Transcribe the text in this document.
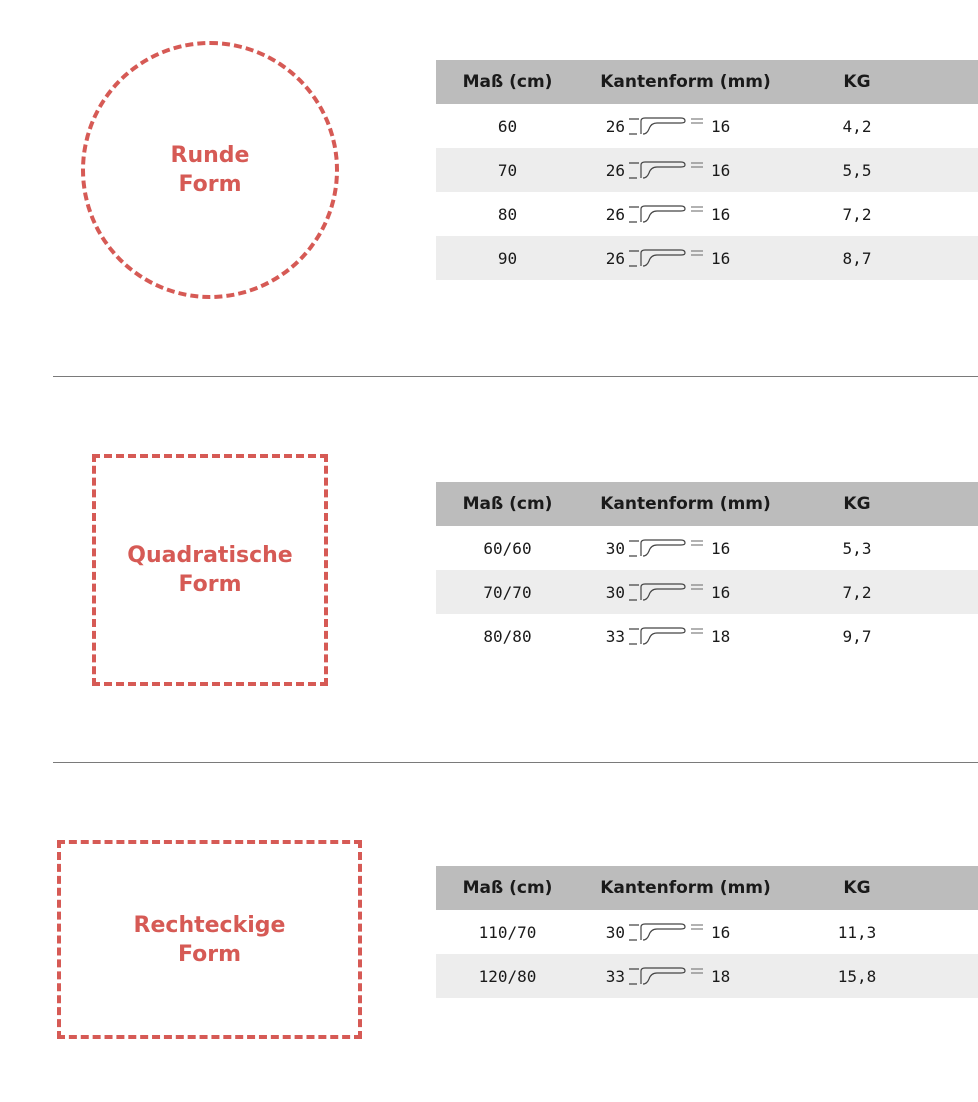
Runde
Form
Maß (cm)	Kantenform (mm)	KG
60	26	16	4,2
70	26	16	5,5
80	26	16	7,2
90	26	16	8,7
Quadratische
Form
Maß (cm)	Kantenform (mm)	KG
60/60	30	16	5,3
70/70	30	16	7,2
80/80	33	18	9,7
Rechteckige
Form
Maß (cm)	Kantenform (mm)	KG
110/70	30	16	11,3
120/80	33	18	15,8
